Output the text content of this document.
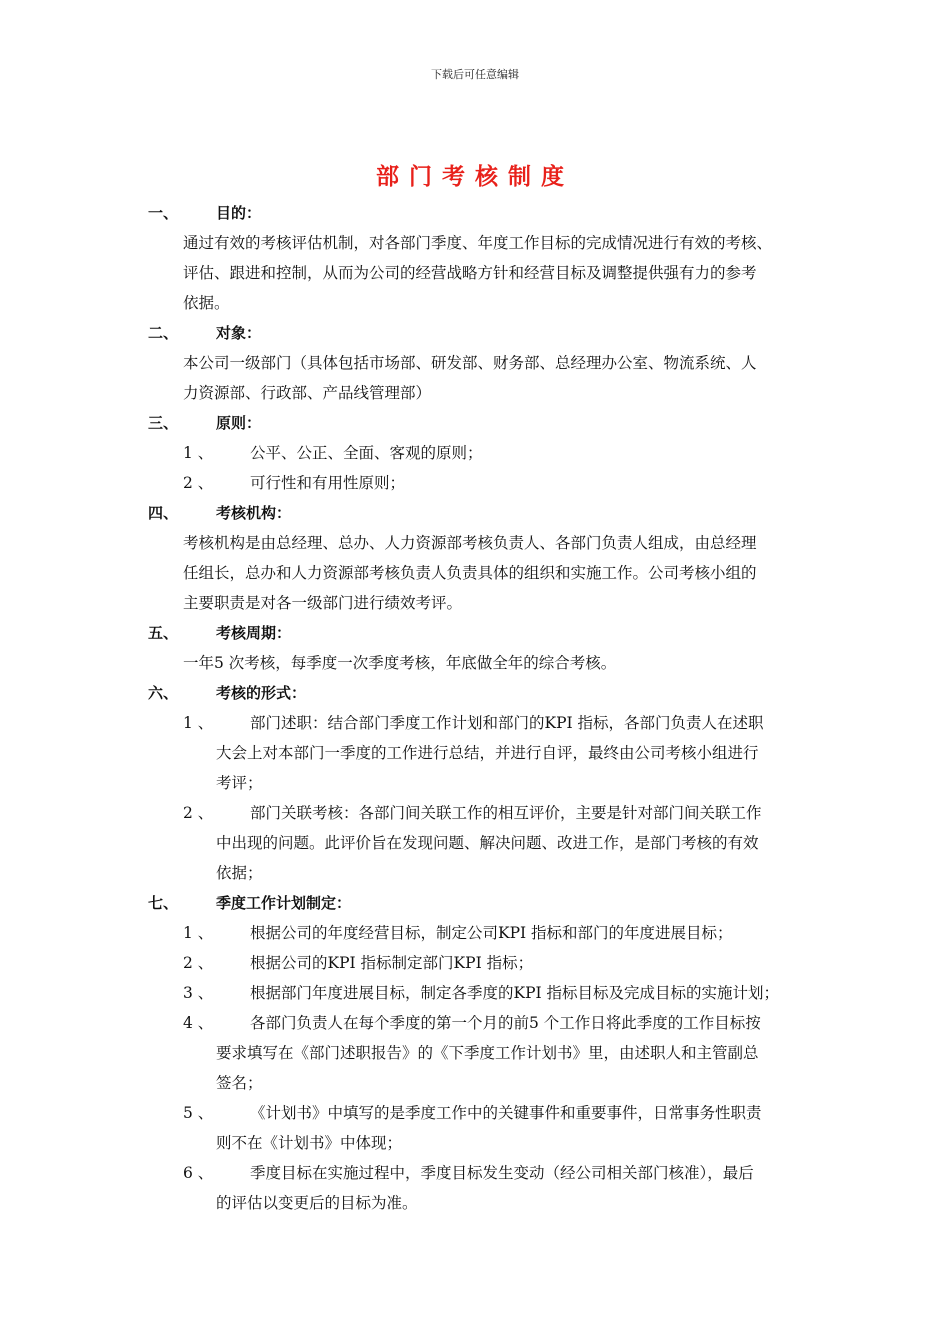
下载后可任意编辑
部门考核制度
一、	目的：
通过有效的考核评估机制，对各部门季度、年度工作目标的完成情况进行有效的考核、
评估、跟进和控制，从而为公司的经营战略方针和经营目标及调整提供强有力的参考
依据。
二、	对象：
本公司一级部门（具体包括市场部、研发部、财务部、总经理办公室、物流系统、人
力资源部、行政部、产品线管理部）
三、	原则：
1 、	公平、公正、全面、客观的原则；
2 、	可行性和有用性原则；
四、	考核机构：
考核机构是由总经理、总办、人力资源部考核负责人、各部门负责人组成，由总经理
任组长，总办和人力资源部考核负责人负责具体的组织和实施工作。公司考核小组的
主要职责是对各一级部门进行绩效考评。
五、	考核周期：
一年5 次考核，每季度一次季度考核，年底做全年的综合考核。
六、	考核的形式：
1 、	部门述职：结合部门季度工作计划和部门的KPI 指标，各部门负责人在述职
大会上对本部门一季度的工作进行总结，并进行自评，最终由公司考核小组进行
考评；
2 、	部门关联考核：各部门间关联工作的相互评价，主要是针对部门间关联工作
中出现的问题。此评价旨在发现问题、解决问题、改进工作，是部门考核的有效
依据；
七、	季度工作计划制定：
1 、	根据公司的年度经营目标，制定公司KPI 指标和部门的年度进展目标；
2 、	根据公司的KPI 指标制定部门KPI 指标；
3 、	根据部门年度进展目标，制定各季度的KPI 指标目标及完成目标的实施计划；
4 、	各部门负责人在每个季度的第一个月的前5 个工作日将此季度的工作目标按
要求填写在《部门述职报告》的《下季度工作计划书》里，由述职人和主管副总
签名；
5 、	《计划书》中填写的是季度工作中的关键事件和重要事件，日常事务性职责
则不在《计划书》中体现；
6 、	季度目标在实施过程中，季度目标发生变动（经公司相关部门核准），最后
的评估以变更后的目标为准。
